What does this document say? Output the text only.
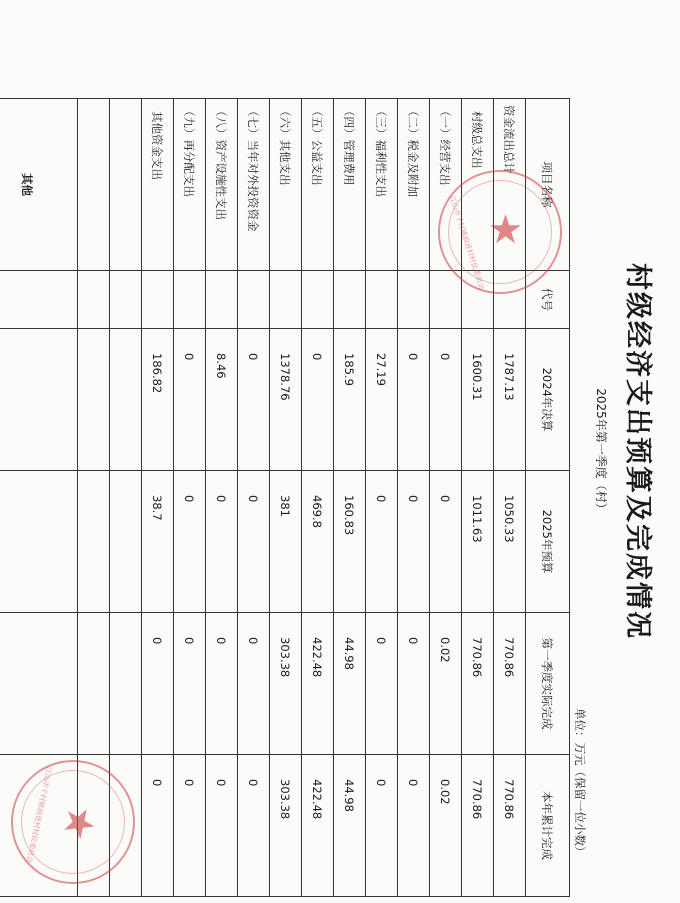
村级经济支出预算及完成情况
2025年第一季度（村）
单位：万元（保留一位小数）
项目名称	代号	2024年决算	2025年预算	第一季度实际完成	本年累计完成
资金流出总计		1787.13	1050.33	770.86	770.86
村级总支出		1600.31	1011.63	770.86	770.86
（一）经营支出		0	0	0.02	0.02
（二）税金及附加		0	0	0	0
（三）福利性支出		27.19	0	0	0
（四）管理费用		185.9	160.83	44.98	44.98
（五）公益支出		0	469.8	422.48	422.48
（六）其他支出		1378.76	381	303.38	303.38
（七）当年对外投资资金		0	0	0	0
（八）资产设施性支出		8.46	0	0	0
（九）再分配支出		0	0	0	0
其他资金支出		186.82	38.7	0	0

其他					
★
江山市千村镇前进村村民委员会
★
江山市千村镇前进村村民委员会
